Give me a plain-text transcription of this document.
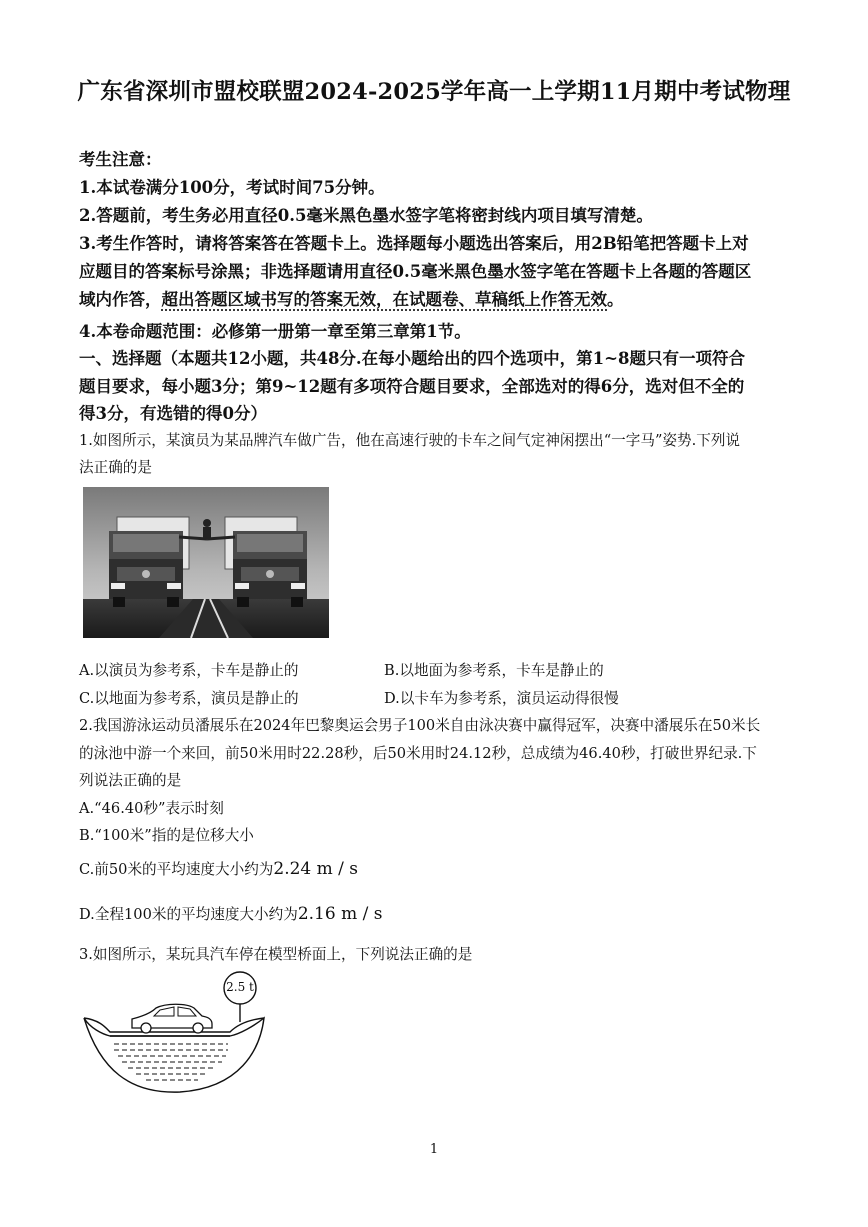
广东省深圳市盟校联盟2024-2025学年高一上学期11月期中考试物理
考生注意：
1.本试卷满分100分，考试时间75分钟。
2.答题前，考生务必用直径0.5毫米黑色墨水签字笔将密封线内项目填写清楚。
3.考生作答时，请将答案答在答题卡上。选择题每小题选出答案后，用2B铅笔把答题卡上对
应题目的答案标号涂黑；非选择题请用直径0.5毫米黑色墨水签字笔在答题卡上各题的答题区
域内作答，超出答题区域书写的答案无效，在试题卷、草稿纸上作答无效。
4.本卷命题范围：必修第一册第一章至第三章第1节。
一、选择题（本题共12小题，共48分.在每小题给出的四个选项中，第1~8题只有一项符合
题目要求，每小题3分；第9~12题有多项符合题目要求，全部选对的得6分，选对但不全的
得3分，有选错的得0分）
1.如图所示，某演员为某品牌汽车做广告，他在高速行驶的卡车之间气定神闲摆出“一字马”姿势.下列说
法正确的是
A.以演员为参考系，卡车是静止的	B.以地面为参考系，卡车是静止的
C.以地面为参考系，演员是静止的	D.以卡车为参考系，演员运动得很慢
2.我国游泳运动员潘展乐在2024年巴黎奥运会男子100米自由泳决赛中赢得冠军，决赛中潘展乐在50米长
的泳池中游一个来回，前50米用时22.28秒，后50米用时24.12秒，总成绩为46.40秒，打破世界纪录.下
列说法正确的是
A.“46.40秒”表示时刻
B.“100米”指的是位移大小
C.前50米的平均速度大小约为2.24 m / s
D.全程100米的平均速度大小约为2.16 m / s
3.如图所示，某玩具汽车停在模型桥面上，下列说法正确的是
2.5 t
1
